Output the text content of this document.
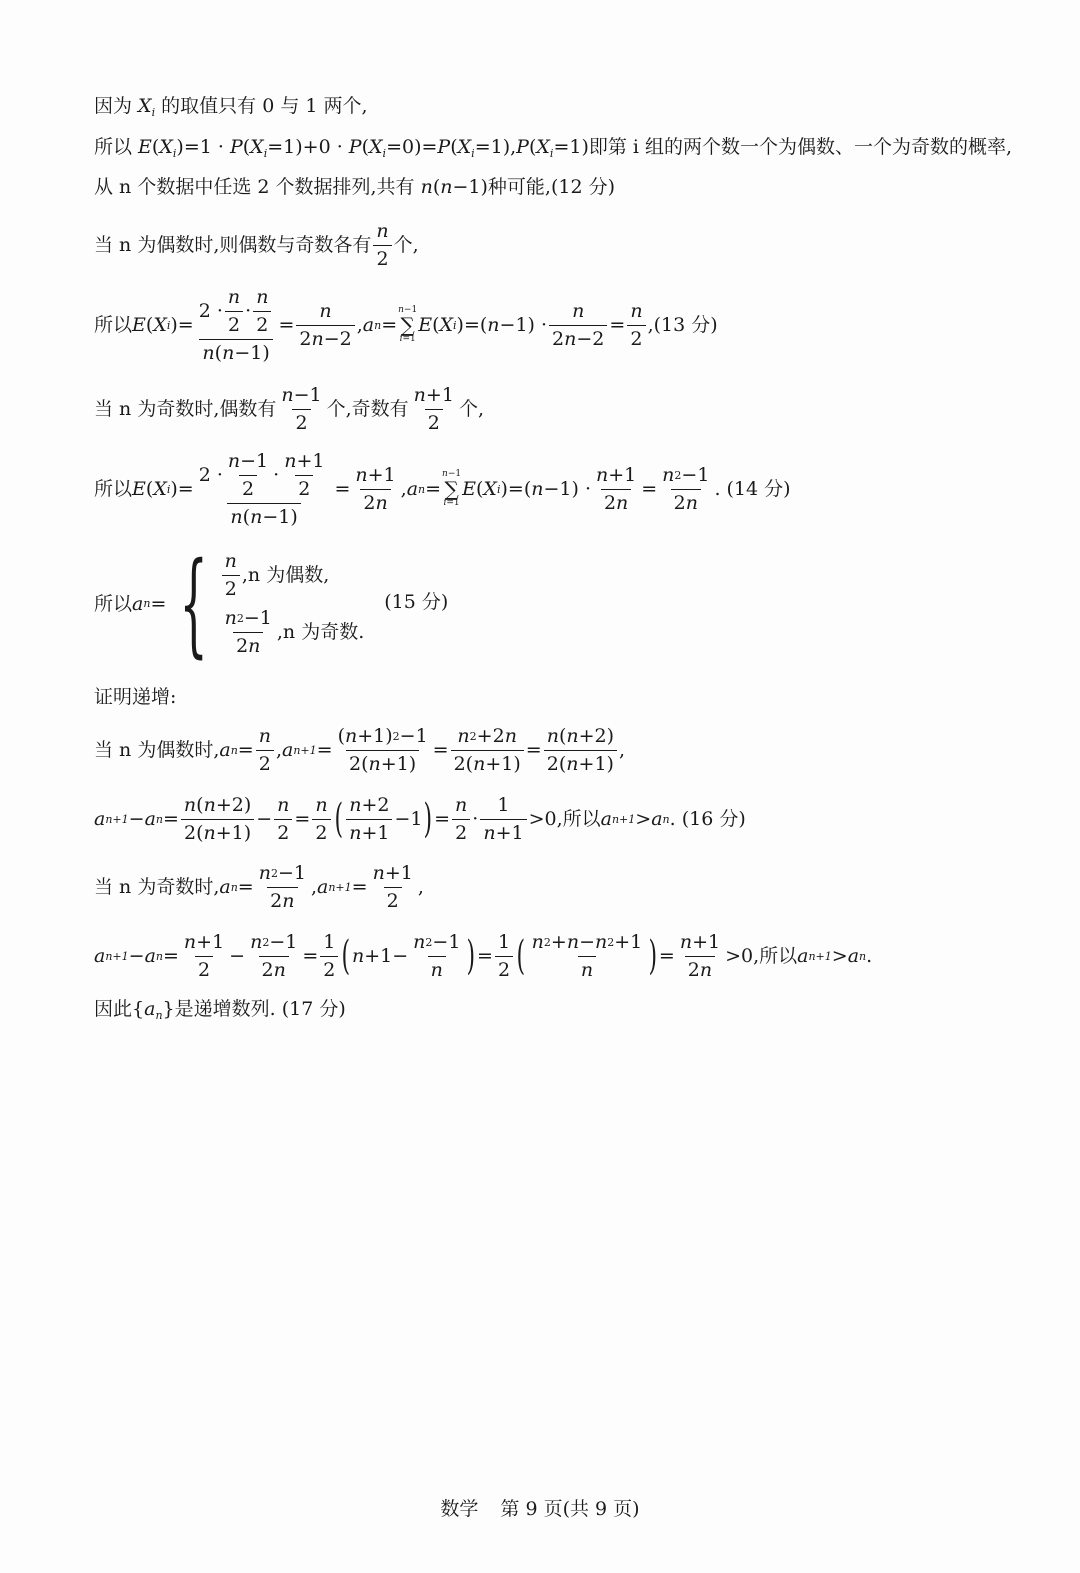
因为 $X_i$ 的取值只有 0 与 1 两个,
所以 $E(X_i)=1 \cdot P(X_i=1)+0 \cdot P(X_i=0)=P(X_i=1),P(X_i=1)$即第 i 组的两个数一个为偶数、一个为奇数的概率,
从 n 个数据中任选 2 个数据排列,共有 n(n−1)种可能,(12 分)
当 n 为偶数时,则偶数与奇数各有 $\frac{n}{2}$ 个,
所以 E ( X i )= $\frac{2 \cdot \frac{n}{2} \cdot \frac{n}{2}}{n ( n -1)} = \frac{n}{2 n -2}$ , a n =
n−1
∑
i=1
E ( X i )=( $n -1) \cdot \frac{n}{2 n -2} = \frac{n}{2} ,(13$ 分)
当 n 为奇数时,偶数有 $\frac{n -1}{2}$ 个,奇数有 $\frac{n +1}{2}$ 个,
所以 E ( X i )= $\frac{2 \cdot \frac{n -1}{2} \cdot \frac{n +1}{2}}{n ( n -1)} = \frac{n +1}{2 n}$ , a n =
n−1
∑
i=1
E ( X i )=( $n -1) \cdot \frac{n +1}{2 n} = \frac{n 2 -1}{2 n}$ . (14 分)
所以 a n = { $\frac{n}{2} ,n$ 为偶数,
$\frac{n 2 -1}{2 n} ,n$ 为奇数.
(15 分)
证明递增:
当 n 为偶数时, a $n = \frac{n}{2}$ , a $n+1 = \frac{( n +1) 2 -1}{2( n +1)} = \frac{n 2 +2 n}{2( n +1)} = \frac{n ( n +2)}{2( n +1)}$ ,
a n+1 − a $n = \frac{n ( n +2)}{2( n +1)} - \frac{n}{2} = \frac{n}{2}$ ( $\frac{n +2}{n +1} -1$ ) = $\frac{n}{2} \cdot \frac{1}{n +1} >0$,所以 a n+1 > a n . (16 分)
当 n 为奇数时, a $n = \frac{n 2 -1}{2 n}$ , a $n+1 = \frac{n +1}{2}$ ,
a n+1 − a $n = \frac{n +1}{2} - \frac{n 2 -1}{2 n} = \frac{1}{2}$ ( $n +1- \frac{n 2 -1}{n}$ ) = $\frac{1}{2}$ ( $\frac{n 2 + n - n 2 +1}{n}$ ) = $\frac{n +1}{2 n} >0$,所以 a n+1 > a n .
因此$\{a_n\}$是递增数列. (17 分)
数学 第 9 页(共 9 页)
